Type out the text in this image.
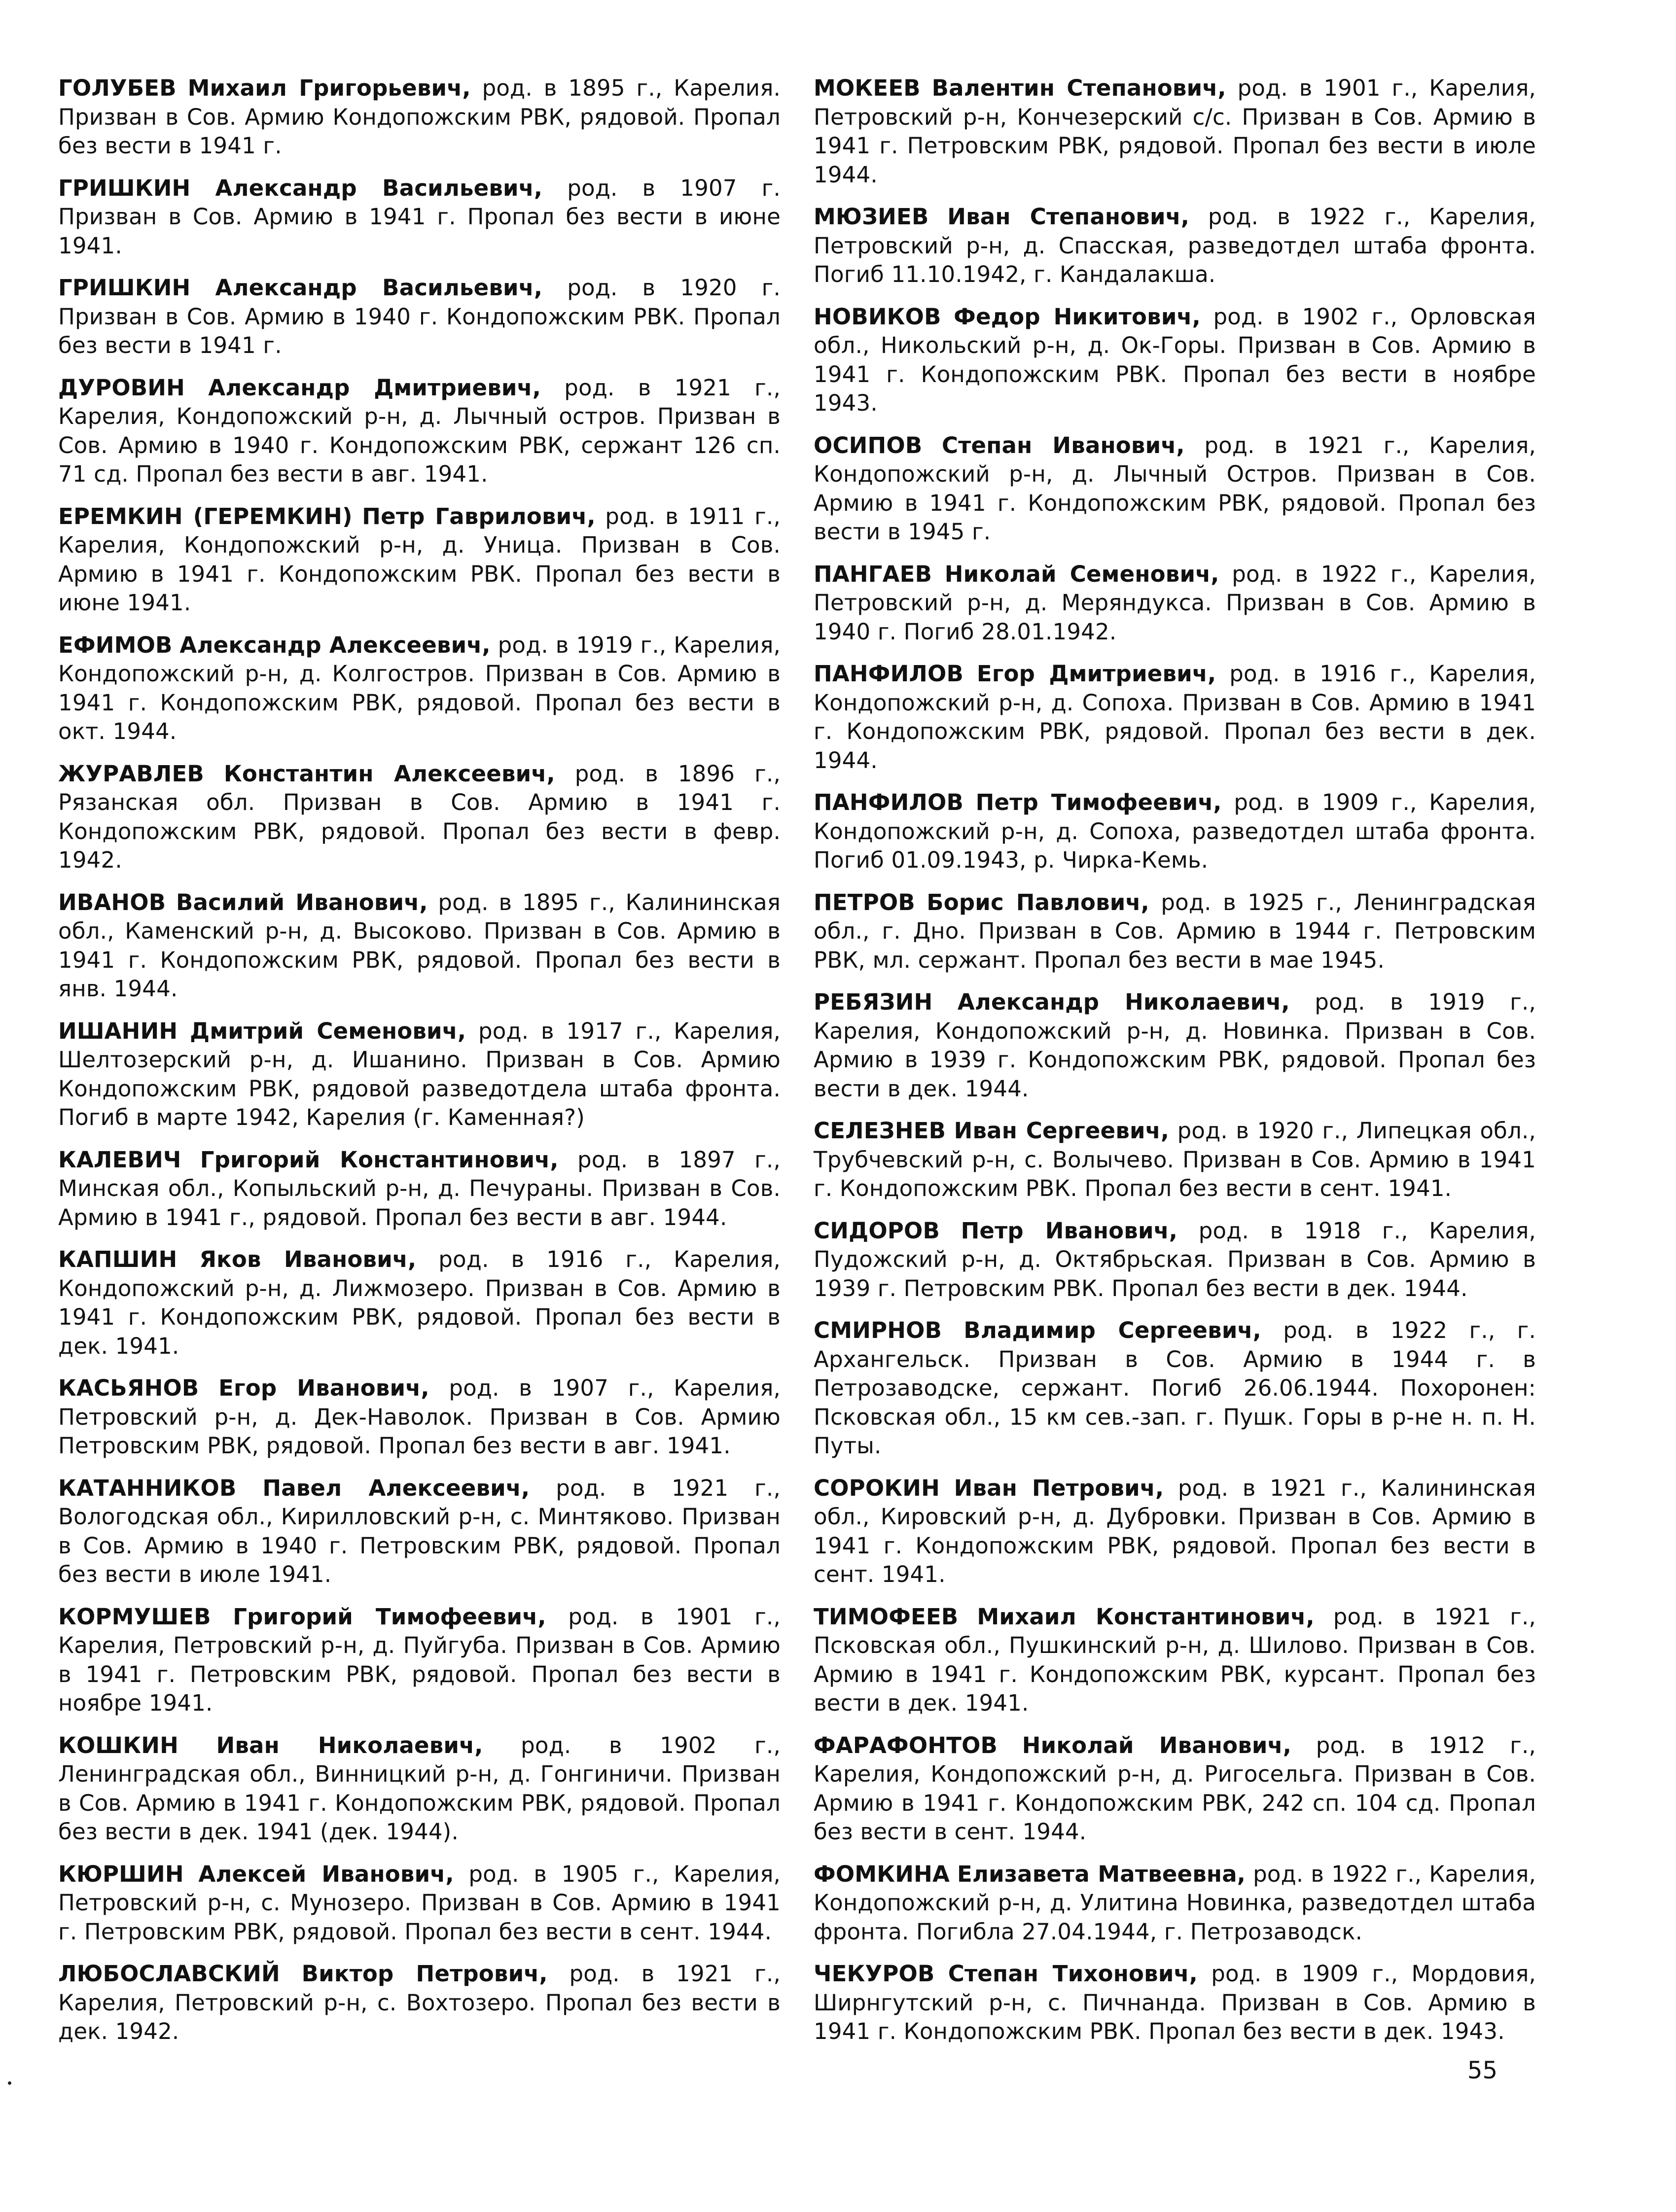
ГОЛУБЕВ Михаил Григорьевич, род. в 1895 г., Карелия. Призван в Сов. Армию Кондопожским РВК, рядовой. Пропал без вести в 1941 г.

ГРИШКИН Александр Васильевич, род. в 1907 г. Призван в Сов. Армию в 1941 г. Пропал без вести в июне 1941.

ГРИШКИН Александр Васильевич, род. в 1920 г. Призван в Сов. Армию в 1940 г. Кондопожским РВК. Пропал без вести в 1941 г.

ДУРОВИН Александр Дмитриевич, род. в 1921 г., Карелия, Кондопожский р-н, д. Лычный остров. Призван в Сов. Армию в 1940 г. Кондопожским РВК, сержант 126 сп. 71 сд. Пропал без вести в авг. 1941.

ЕРЕМКИН (ГЕРЕМКИН) Петр Гаврилович, род. в 1911 г., Карелия, Кондопожский р-н, д. Уница. Призван в Сов. Армию в 1941 г. Кондопожским РВК. Пропал без вести в июне 1941.

ЕФИМОВ Александр Алексеевич, род. в 1919 г., Карелия, Кондопожский р-н, д. Колгостров. Призван в Сов. Армию в 1941 г. Кондопожским РВК, рядовой. Пропал без вести в окт. 1944.

ЖУРАВЛЕВ Константин Алексеевич, род. в 1896 г., Рязанская обл. Призван в Сов. Армию в 1941 г. Кондопожским РВК, рядовой. Пропал без вести в февр. 1942.

ИВАНОВ Василий Иванович, род. в 1895 г., Калининская обл., Каменский р-н, д. Высоково. Призван в Сов. Армию в 1941 г. Кондопожским РВК, рядовой. Пропал без вести в янв. 1944.

ИШАНИН Дмитрий Семенович, род. в 1917 г., Карелия, Шелтозерский р-н, д. Ишанино. Призван в Сов. Армию Кондопожским РВК, рядовой разведотдела штаба фронта. Погиб в марте 1942, Карелия (г. Каменная?)

КАЛЕВИЧ Григорий Константинович, род. в 1897 г., Минская обл., Копыльский р-н, д. Печураны. Призван в Сов. Армию в 1941 г., рядовой. Пропал без вести в авг. 1944.

КАПШИН Яков Иванович, род. в 1916 г., Карелия, Кондопожский р-н, д. Лижмозеро. Призван в Сов. Армию в 1941 г. Кондопожским РВК, рядовой. Пропал без вести в дек. 1941.

КАСЬЯНОВ Егор Иванович, род. в 1907 г., Карелия, Петровский р-н, д. Дек-Наволок. Призван в Сов. Армию Петровским РВК, рядовой. Пропал без вести в авг. 1941.

КАТАННИКОВ Павел Алексеевич, род. в 1921 г., Вологодская обл., Кирилловский р-н, с. Минтяково. Призван в Сов. Армию в 1940 г. Петровским РВК, рядовой. Пропал без вести в июле 1941.

КОРМУШЕВ Григорий Тимофеевич, род. в 1901 г., Карелия, Петровский р-н, д. Пуйгуба. Призван в Сов. Армию в 1941 г. Петровским РВК, рядовой. Пропал без вести в ноябре 1941.

КОШКИН Иван Николаевич, род. в 1902 г., Ленинградская обл., Винницкий р-н, д. Гонгиничи. Призван в Сов. Армию в 1941 г. Кондопожским РВК, рядовой. Пропал без вести в дек. 1941 (дек. 1944).

КЮРШИН Алексей Иванович, род. в 1905 г., Карелия, Петровский р-н, с. Мунозеро. Призван в Сов. Армию в 1941 г. Петровским РВК, рядовой. Пропал без вести в сент. 1944.

ЛЮБОСЛАВСКИЙ Виктор Петрович, род. в 1921 г., Карелия, Петровский р-н, с. Вохтозеро. Пропал без вести в дек. 1942.

МОКЕЕВ Валентин Степанович, род. в 1901 г., Карелия, Петровский р-н, Кончезерский с/с. Призван в Сов. Армию в 1941 г. Петровским РВК, рядовой. Пропал без вести в июле 1944.

МЮЗИЕВ Иван Степанович, род. в 1922 г., Карелия, Петровский р-н, д. Спасская, разведотдел штаба фронта. Погиб 11.10.1942, г. Кандалакша.

НОВИКОВ Федор Никитович, род. в 1902 г., Орловская обл., Никольский р-н, д. Ок-Горы. Призван в Сов. Армию в 1941 г. Кондопожским РВК. Пропал без вести в ноябре 1943.

ОСИПОВ Степан Иванович, род. в 1921 г., Карелия, Кондопожский р-н, д. Лычный Остров. Призван в Сов. Армию в 1941 г. Кондопожским РВК, рядовой. Пропал без вести в 1945 г.

ПАНГАЕВ Николай Семенович, род. в 1922 г., Карелия, Петровский р-н, д. Меряндукса. Призван в Сов. Армию в 1940 г. Погиб 28.01.1942.

ПАНФИЛОВ Егор Дмитриевич, род. в 1916 г., Карелия, Кондопожский р-н, д. Сопоха. Призван в Сов. Армию в 1941 г. Кондопожским РВК, рядовой. Пропал без вести в дек. 1944.

ПАНФИЛОВ Петр Тимофеевич, род. в 1909 г., Карелия, Кондопожский р-н, д. Сопоха, разведотдел штаба фронта. Погиб 01.09.1943, р. Чирка-Кемь.

ПЕТРОВ Борис Павлович, род. в 1925 г., Ленинградская обл., г. Дно. Призван в Сов. Армию в 1944 г. Петровским РВК, мл. сержант. Пропал без вести в мае 1945.

РЕБЯЗИН Александр Николаевич, род. в 1919 г., Карелия, Кондопожский р-н, д. Новинка. Призван в Сов. Армию в 1939 г. Кондопожским РВК, рядовой. Пропал без вести в дек. 1944.

СЕЛЕЗНЕВ Иван Сергеевич, род. в 1920 г., Липецкая обл., Трубчевский р-н, с. Волычево. Призван в Сов. Армию в 1941 г. Кондопожским РВК. Пропал без вести в сент. 1941.

СИДОРОВ Петр Иванович, род. в 1918 г., Карелия, Пудожский р-н, д. Октябрьская. Призван в Сов. Армию в 1939 г. Петровским РВК. Пропал без вести в дек. 1944.

СМИРНОВ Владимир Сергеевич, род. в 1922 г., г. Архангельск. Призван в Сов. Армию в 1944 г. в Петрозаводске, сержант. Погиб 26.06.1944. Похоронен: Псковская обл., 15 км сев.-зап. г. Пушк. Горы в р-не н. п. Н. Путы.

СОРОКИН Иван Петрович, род. в 1921 г., Калининская обл., Кировский р-н, д. Дубровки. Призван в Сов. Армию в 1941 г. Кондопожским РВК, рядовой. Пропал без вести в сент. 1941.

ТИМОФЕЕВ Михаил Константинович, род. в 1921 г., Псковская обл., Пушкинский р-н, д. Шилово. Призван в Сов. Армию в 1941 г. Кондопожским РВК, курсант. Пропал без вести в дек. 1941.

ФАРАФОНТОВ Николай Иванович, род. в 1912 г., Карелия, Кондопожский р-н, д. Ригосельга. Призван в Сов. Армию в 1941 г. Кондопожским РВК, 242 сп. 104 сд. Пропал без вести в сент. 1944.

ФОМКИНА Елизавета Матвеевна, род. в 1922 г., Карелия, Кондопожский р-н, д. Улитина Новинка, разведотдел штаба фронта. Погибла 27.04.1944, г. Петрозаводск.

ЧЕКУРОВ Степан Тихонович, род. в 1909 г., Мордовия, Ширнгутский р-н, с. Пичнанда. Призван в Сов. Армию в 1941 г. Кондопожским РВК. Пропал без вести в дек. 1943.

55
